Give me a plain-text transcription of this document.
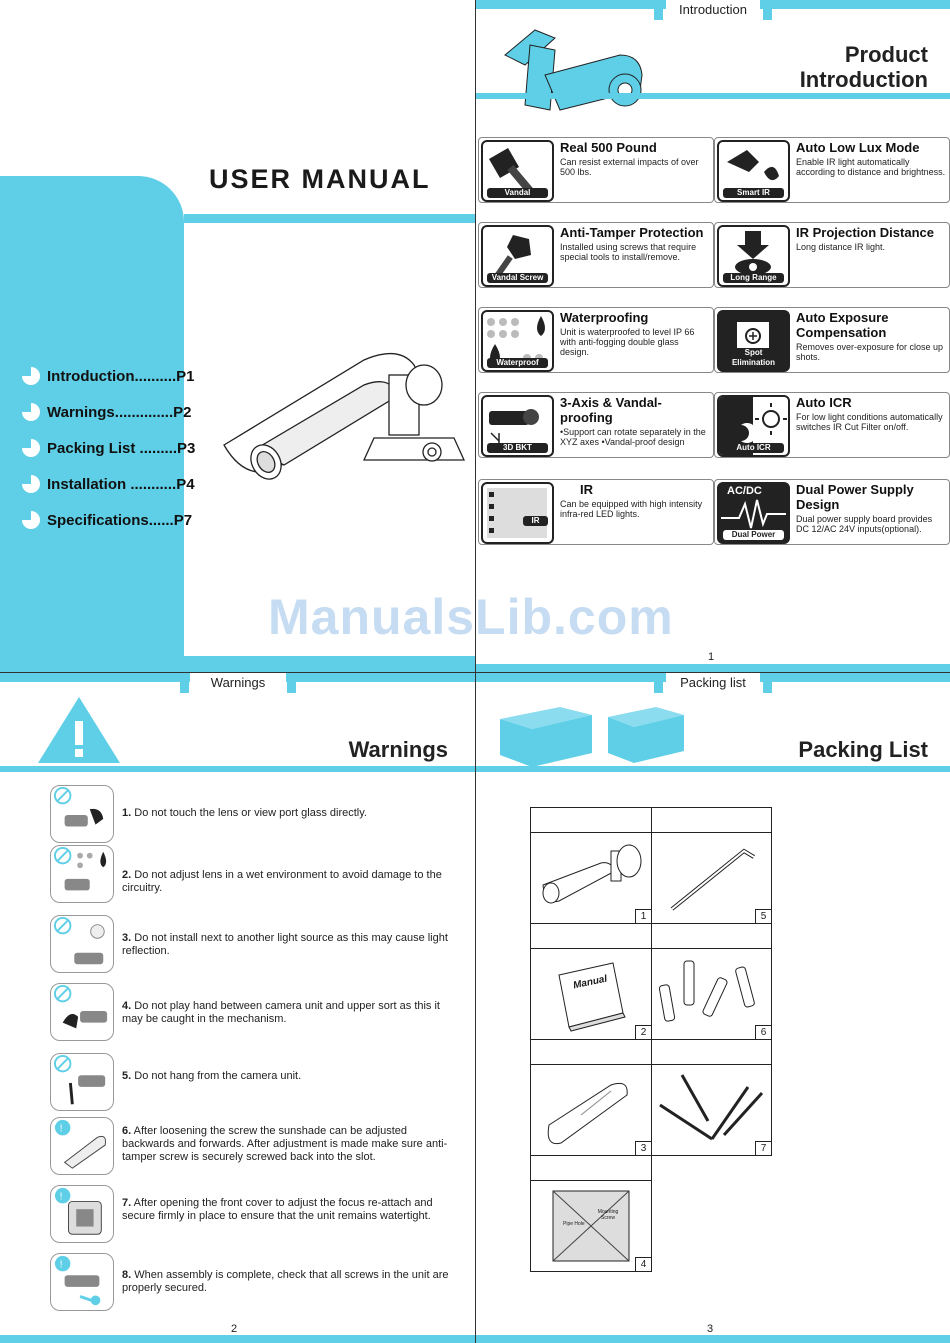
USER MANUAL
Introduction.......... P1
Warnings.............. P2
Packing List ......... P3
Installation ........... P4
Specifications...... P7
Introduction
Product
Introduction
Vandal
Real 500 Pound
Can resist external impacts of over 500 lbs.
Smart IR
Auto Low Lux Mode
Enable IR light automatically according to distance and brightness.
Vandal Screw
Anti-Tamper Protection
Installed using screws that require special tools to install/remove.
Long Range
IR Projection Distance
Long distance IR light.
Waterproof
Waterproofing
Unit is waterproofed to level IP 66 with anti-fogging double glass design.	Spot Elimination
Auto Exposure Compensation
Removes over-exposure for close up shots.
3D BKT
3-Axis & Vandal-proofing
•Support can rotate separately in the XYZ axes •Vandal-proof design
Auto ICR
Auto ICR
For low light conditions automatically switches IR Cut Filter on/off.
IR
IR
Can be equipped with high intensity infra-red LED lights.
AC/DC
Dual Power
Dual Power Supply Design
Dual power supply board provides DC 12/AC 24V inputs(optional).
1
Warnings
Warnings
1. Do not touch the lens or view port glass directly.
2. Do not adjust lens in a wet environment to avoid damage to the circuitry.
3. Do not install next to another light source as this may cause light reflection.
4. Do not play hand between camera unit and upper sort as this it may be caught in the mechanism.
5. Do not hang from the camera unit.
!	6. After loosening the screw the sunshade can be adjusted backwards and forwards. After adjustment is made make sure anti-tamper screw is securely screwed back into the slot.
!	7. After opening the front cover to adjust the focus re-attach and secure firmly in place to ensure that the unit remains watertight.
!
8. When assembly is complete, check that all screws in the unit are properly secured.
2
Packing list
Packing List
1	5
Manual
2	6
3	7
Pipe Hole
Mounting Screw
4
3
ManualsLib.com
